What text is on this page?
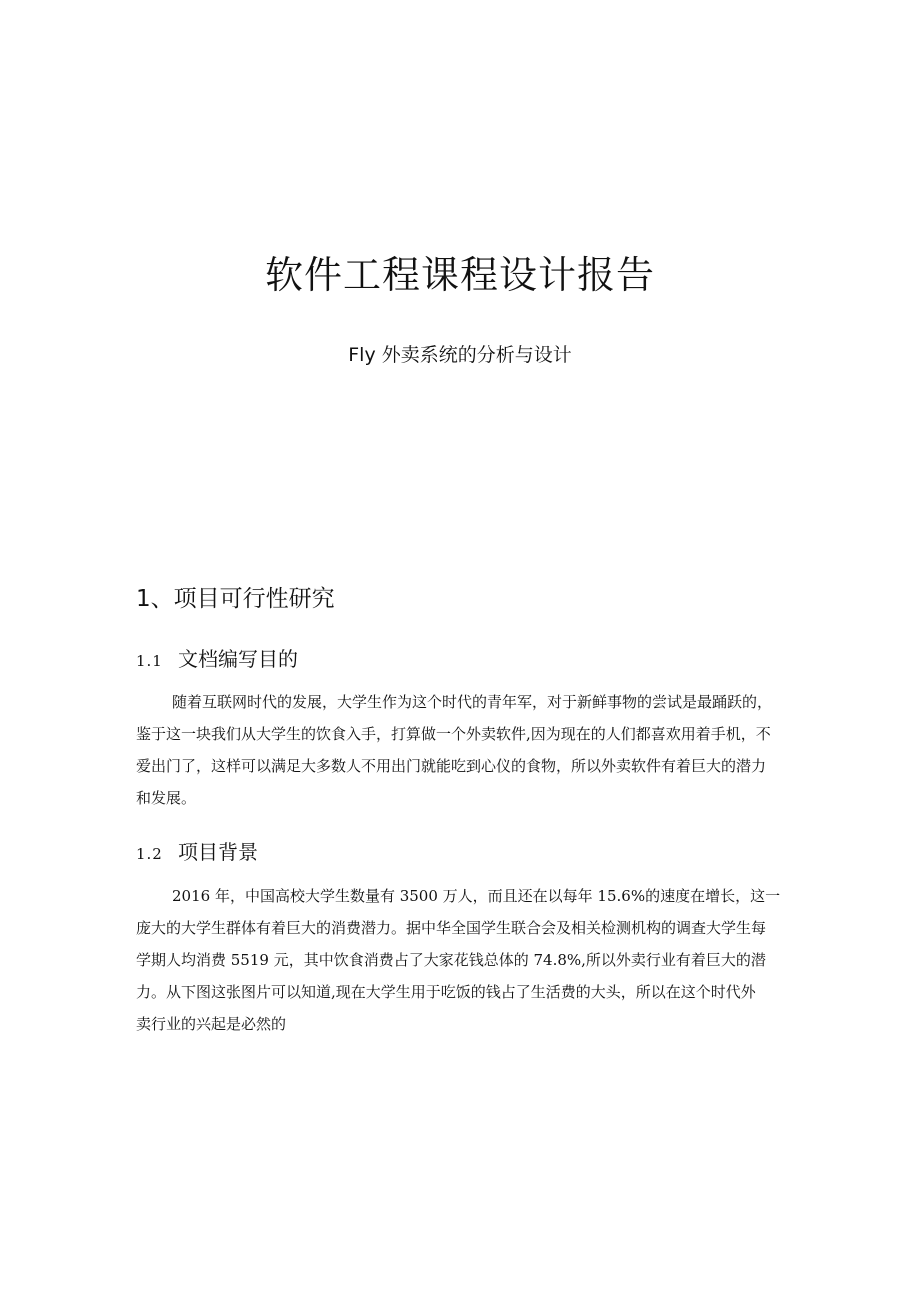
软件工程课程设计报告

Fly 外卖系统的分析与设计

1、项目可行性研究
1.1 文档编写目的
随着互联网时代的发展，大学生作为这个时代的青年军，对于新鲜事物的尝试是最踊跃的，
鉴于这一块我们从大学生的饮食入手，打算做一个外卖软件,因为现在的人们都喜欢用着手机，不
爱出门了，这样可以满足大多数人不用出门就能吃到心仪的食物，所以外卖软件有着巨大的潜力
和发展。
1.2 项目背景
2016 年，中国高校大学生数量有 3500 万人，而且还在以每年 15.6%的速度在增长，这一
庞大的大学生群体有着巨大的消费潜力。据中华全国学生联合会及相关检测机构的调查大学生每
学期人均消费 5519 元，其中饮食消费占了大家花钱总体的 74.8%,所以外卖行业有着巨大的潜
力。从下图这张图片可以知道,现在大学生用于吃饭的钱占了生活费的大头，所以在这个时代外
卖行业的兴起是必然的
